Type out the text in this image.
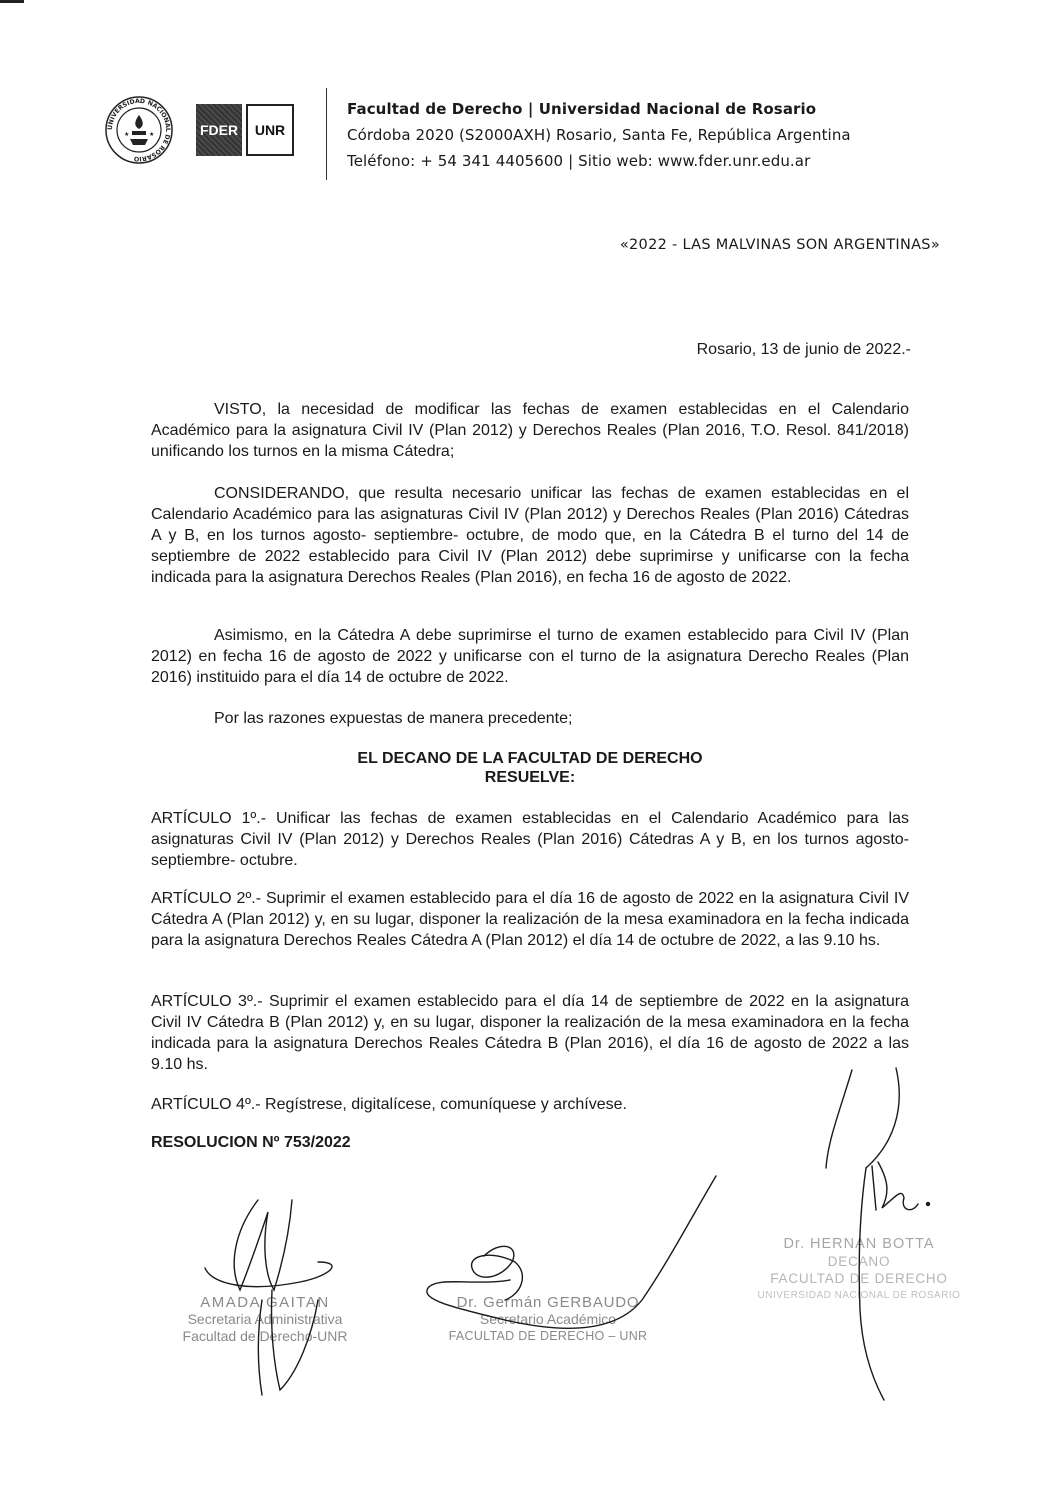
UNIVERSIDAD NACIONAL DE ROSARIO
★	★	FDER UNR
Facultad de Derecho | Universidad Nacional de Rosario
Córdoba 2020 (S2000AXH) Rosario, Santa Fe, República Argentina
Teléfono: + 54 341 4405600 | Sitio web: www.fder.unr.edu.ar
«2022 - LAS MALVINAS SON ARGENTINAS»
Rosario, 13 de junio de 2022.-

VISTO, la necesidad de modificar las fechas de examen establecidas en el Calendario Académico para la asignatura Civil IV (Plan 2012) y Derechos Reales (Plan 2016, T.O. Resol. 841/2018) unificando los turnos en la misma Cátedra;

CONSIDERANDO, que resulta necesario unificar las fechas de examen establecidas en el Calendario Académico para las asignaturas Civil IV (Plan 2012) y Derechos Reales (Plan 2016) Cátedras A y B, en los turnos agosto- septiembre- octubre, de modo que, en la Cátedra B el turno del 14 de septiembre de 2022 establecido para Civil IV (Plan 2012) debe suprimirse y unificarse con la fecha indicada para la asignatura Derechos Reales (Plan 2016), en fecha 16 de agosto de 2022.

Asimismo, en la Cátedra A debe suprimirse el turno de examen establecido para Civil IV (Plan 2012) en fecha 16 de agosto de 2022 y unificarse con el turno de la asignatura Derecho Reales (Plan 2016) instituido para el día 14 de octubre de 2022.

Por las razones expuestas de manera precedente;

EL DECANO DE LA FACULTAD DE DERECHO
RESUELVE:

ARTÍCULO 1º.- Unificar las fechas de examen establecidas en el Calendario Académico para las asignaturas Civil IV (Plan 2012) y Derechos Reales (Plan 2016) Cátedras A y B, en los turnos agosto- septiembre- octubre.

ARTÍCULO 2º.- Suprimir el examen establecido para el día 16 de agosto de 2022 en la asignatura Civil IV Cátedra A (Plan 2012) y, en su lugar, disponer la realización de la mesa examinadora en la fecha indicada para la asignatura Derechos Reales Cátedra A (Plan 2012) el día 14 de octubre de 2022, a las 9.10 hs.

ARTÍCULO 3º.- Suprimir el examen establecido para el día 14 de septiembre de 2022 en la asignatura Civil IV Cátedra B (Plan 2012) y, en su lugar, disponer la realización de la mesa examinadora en la fecha indicada para la asignatura Derechos Reales Cátedra B (Plan 2016), el día 16 de agosto de 2022 a las 9.10 hs.

ARTÍCULO 4º.- Regístrese, digitalícese, comuníquese y archívese.

RESOLUCION Nº 753/2022
AMADA GAITAN
Secretaria Administrativa
Facultad de Derecho-UNR
Dr. Germán GERBAUDO
Secretario Académico
FACULTAD DE DERECHO – UNR
Dr. HERNAN BOTTA
DECANO
FACULTAD DE DERECHO
UNIVERSIDAD NACIONAL DE ROSARIO
